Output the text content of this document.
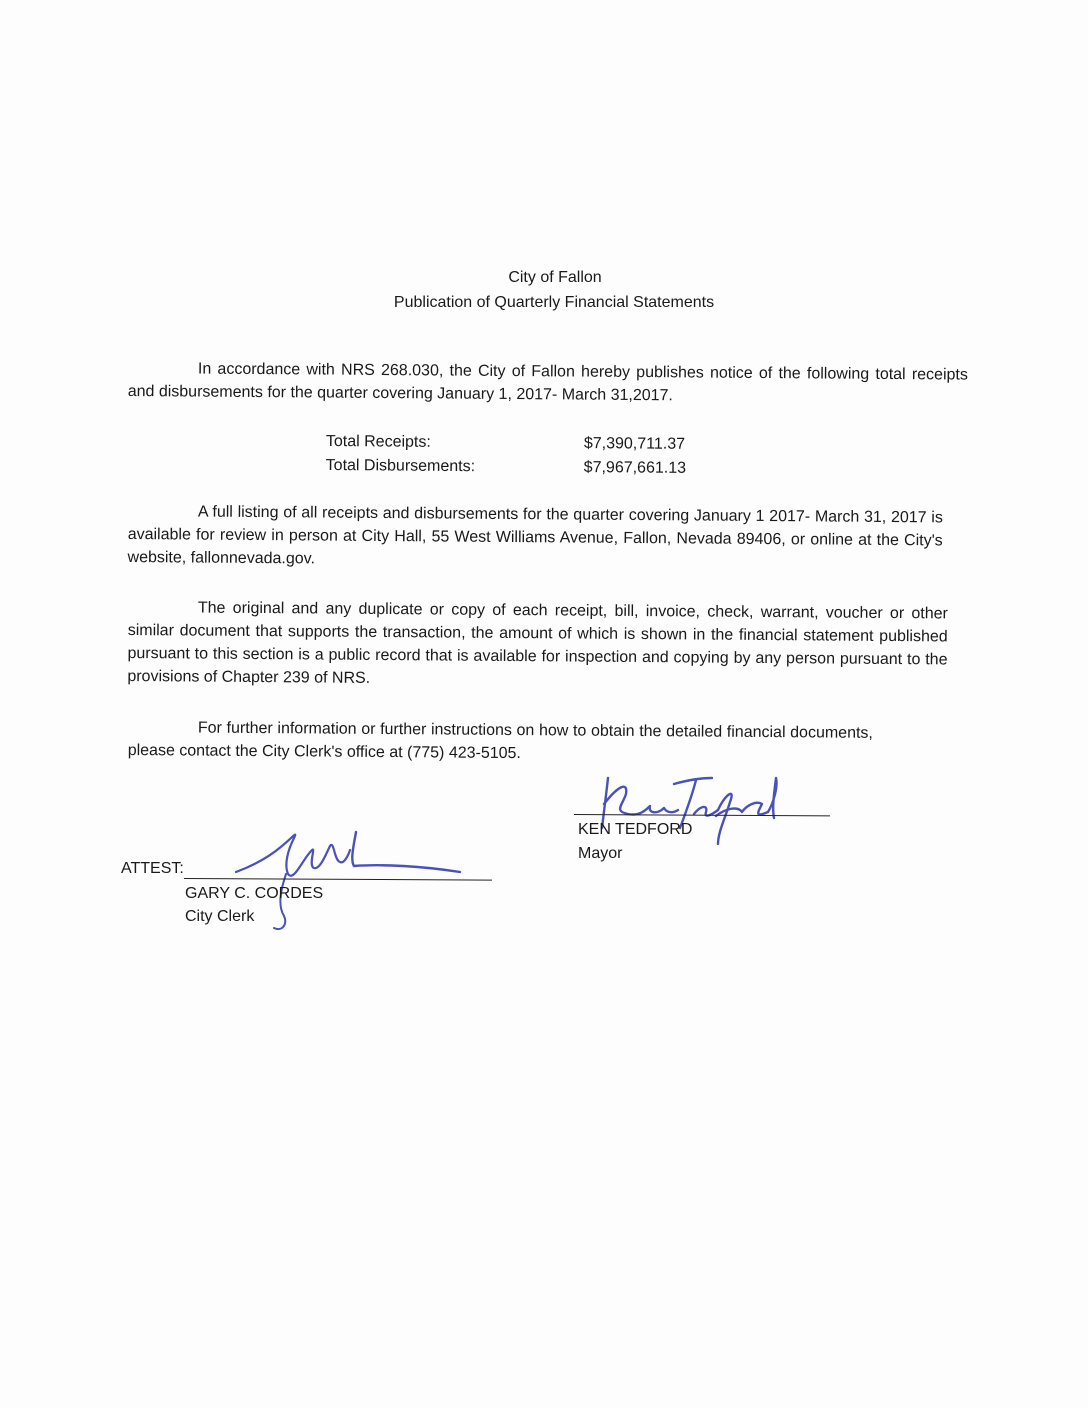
City of Fallon
Publication of Quarterly Financial Statements
In accordance with NRS 268.030, the City of Fallon hereby publishes notice of the following total receipts and disbursements for the quarter covering January 1, 2017- March 31,2017.
Total Receipts:	$7,390,711.37
Total Disbursements:	$7,967,661.13
A full listing of all receipts and disbursements for the quarter covering January 1 2017- March 31, 2017 is available for review in person at City Hall, 55 West Williams Avenue, Fallon, Nevada 89406, or online at the City's website, fallonnevada.gov.
The original and any duplicate or copy of each receipt, bill, invoice, check, warrant, voucher or other similar document that supports the transaction, the amount of which is shown in the financial statement published pursuant to this section is a public record that is available for inspection and copying by any person pursuant to the provisions of Chapter 239 of NRS.
For further information or further instructions on how to obtain the detailed financial documents, please contact the City Clerk's office at (775) 423-5105.
KEN TEDFORD
Mayor
ATTEST:
GARY C. CORDES
City Clerk
